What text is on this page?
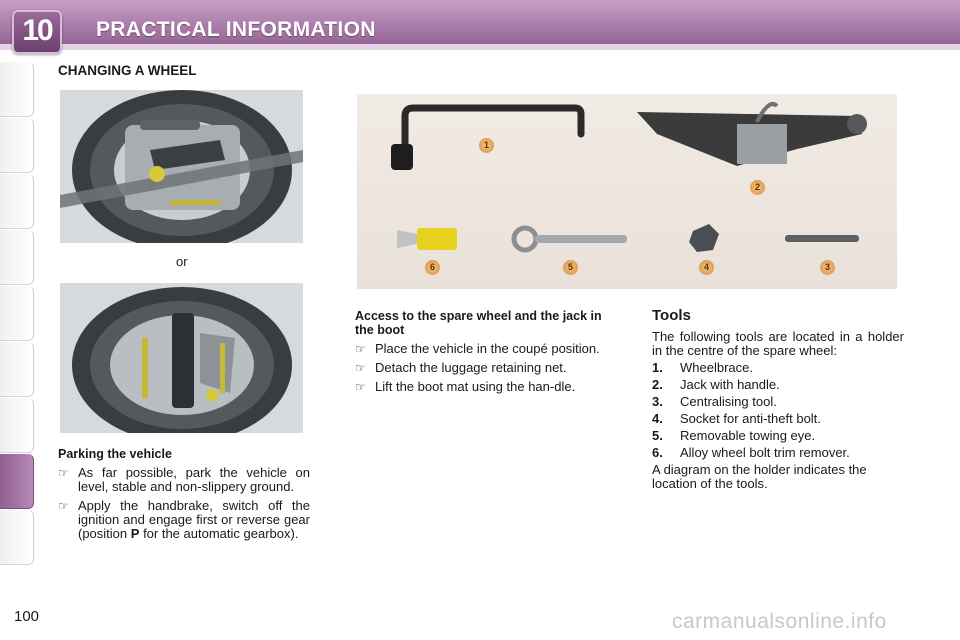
10	PRACTICAL INFORMATION
CHANGING A WHEEL
or
1
2
3
4
5
6
Parking the vehicle
☞ As far possible, park the vehicle on level, stable and non-slippery ground.
☞ Apply the handbrake, switch off the ignition and engage first or reverse gear (position P for the automatic gearbox).
Access to the spare wheel and the jack in the boot
☞ Place the vehicle in the coupé position.
☞ Detach the luggage retaining net.
☞ Lift the boot mat using the han-dle.
Tools
The following tools are located in a holder in the centre of the spare wheel:
1.	Wheelbrace.
2.	Jack with handle.
3.	Centralising tool.
4.	Socket for anti-theft bolt.
5.	Removable towing eye.
6.	Alloy wheel bolt trim remover.
A diagram on the holder indicates the location of the tools.
100	carmanualsonline.info
